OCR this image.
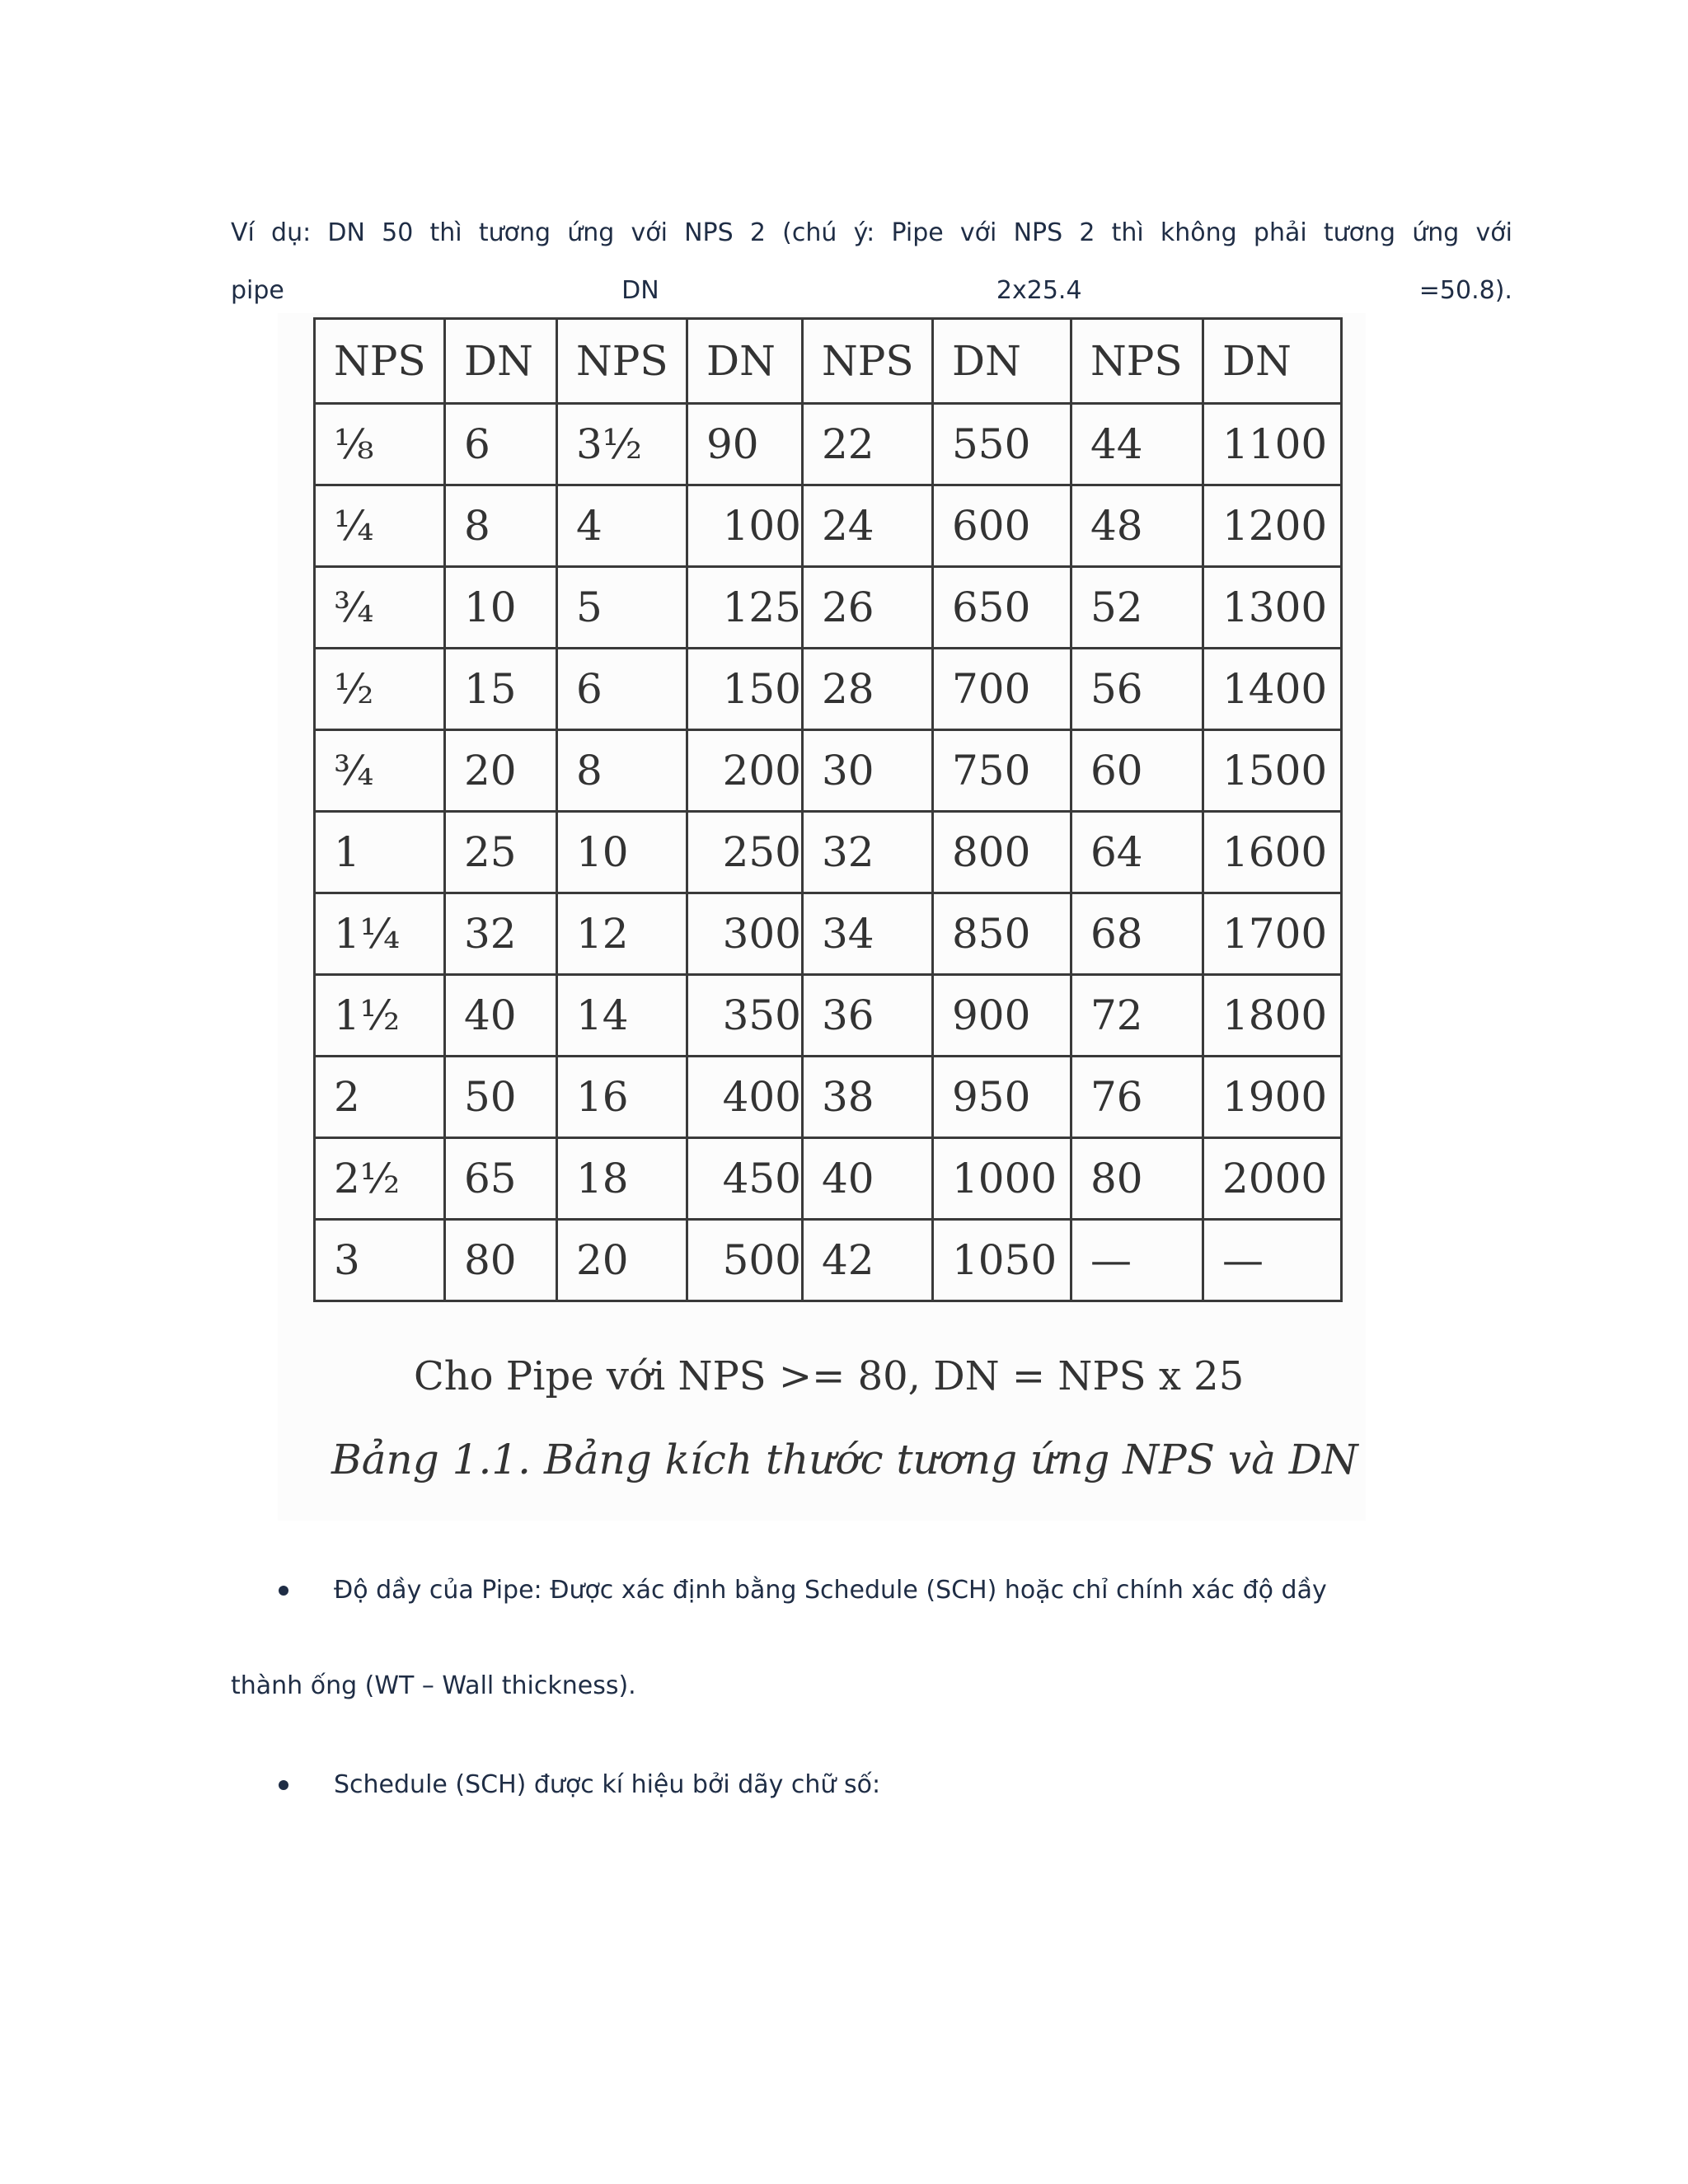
Ví dụ: DN 50 thì tương ứng với NPS 2 (chú ý: Pipe với NPS 2 thì không phải tương ứng với
pipe	DN	2x25.4	=50.8).
NPS	DN	NPS	DN	NPS	DN	NPS	DN
⅛	6	3½	90	22	550	44	1100
¼	8	4	100	24	600	48	1200
¾	10	5	125	26	650	52	1300
½	15	6	150	28	700	56	1400
¾	20	8	200	30	750	60	1500
1	25	10	250	32	800	64	1600
1¼	32	12	300	34	850	68	1700
1½	40	14	350	36	900	72	1800
2	50	16	400	38	950	76	1900
2½	65	18	450	40	1000	80	2000
3	80	20	500	42	1050	—	—
Cho Pipe với NPS >= 80, DN = NPS x 25
Bảng 1.1. Bảng kích thước tương ứng NPS và DN
Độ dầy của Pipe: Được xác định bằng Schedule (SCH) hoặc chỉ chính xác độ dầy
thành ống (WT – Wall thickness).
Schedule (SCH) được kí hiệu bởi dãy chữ số:
